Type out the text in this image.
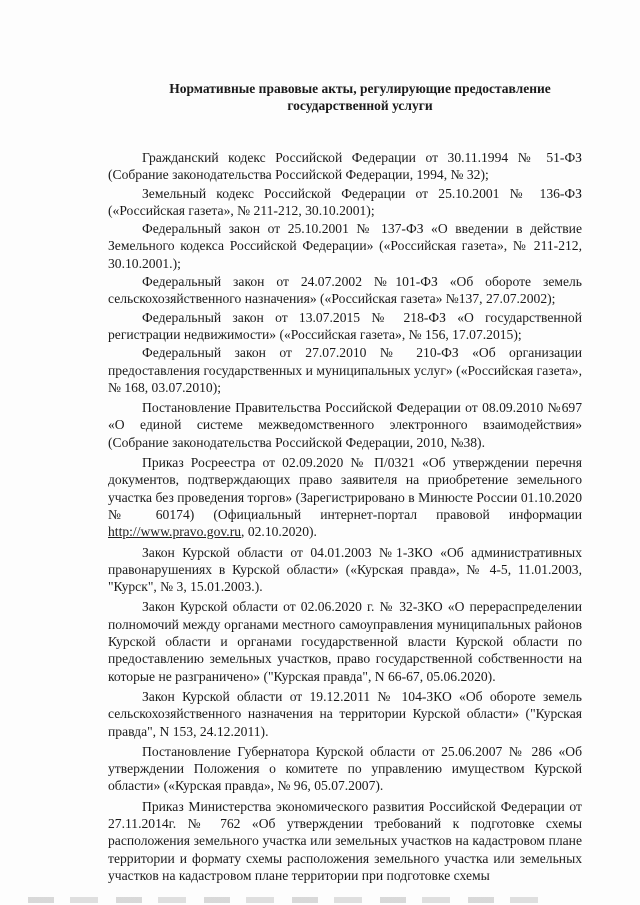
Нормативные правовые акты, регулирующие предоставление
государственной услуги

Гражданский кодекс Российской Федерации от 30.11.1994 № 51-ФЗ (Собрание законодательства Российской Федерации, 1994, № 32);

Земельный кодекс Российской Федерации от 25.10.2001 № 136-ФЗ («Российская газета», № 211-212, 30.10.2001);

Федеральный закон от 25.10.2001 № 137-ФЗ «О введении в действие Земельного кодекса Российской Федерации» («Российская газета», № 211-212, 30.10.2001.);

Федеральный закон от 24.07.2002 №101-ФЗ «Об обороте земель сельскохозяйственного назначения» («Российская газета» №137, 27.07.2002);

Федеральный закон от 13.07.2015 № 218-ФЗ «О государственной регистрации недвижимости» («Российская газета», № 156, 17.07.2015);

Федеральный закон от 27.07.2010 № 210-ФЗ «Об организации предоставления государственных и муниципальных услуг» («Российская газета», № 168, 03.07.2010);

Постановление Правительства Российской Федерации от 08.09.2010 №697 «О единой системе межведомственного электронного взаимодействия» (Собрание законодательства Российской Федерации, 2010, №38).

Приказ Росреестра от 02.09.2020 № П/0321 «Об утверждении перечня документов, подтверждающих право заявителя на приобретение земельного участка без проведения торгов» (Зарегистрировано в Минюсте России 01.10.2020 № 60174) (Официальный интернет-портал правовой информации http://www.pravo.gov.ru, 02.10.2020).

Закон Курской области от 04.01.2003 №1-ЗКО «Об административных правонарушениях в Курской области» («Курская правда», № 4-5, 11.01.2003, "Курск", № 3, 15.01.2003.).

Закон Курской области от 02.06.2020 г. № 32-ЗКО «О перераспределении полномочий между органами местного самоуправления муниципальных районов Курской области и органами государственной власти Курской области по предоставлению земельных участков, право государственной собственности на которые не разграничено» ("Курская правда", N 66-67, 05.06.2020).

Закон Курской области от 19.12.2011 № 104-ЗКО «Об обороте земель сельскохозяйственного назначения на территории Курской области» ("Курская правда", N 153, 24.12.2011).

Постановление Губернатора Курской области от 25.06.2007 № 286 «Об утверждении Положения о комитете по управлению имуществом Курской области» («Курская правда», № 96, 05.07.2007).

Приказ Министерства экономического развития Российской Федерации от 27.11.2014г. № 762 «Об утверждении требований к подготовке схемы расположения земельного участка или земельных участков на кадастровом плане территории и формату схемы расположения земельного участка или земельных участков на кадастровом плане территории при подготовке схемы
